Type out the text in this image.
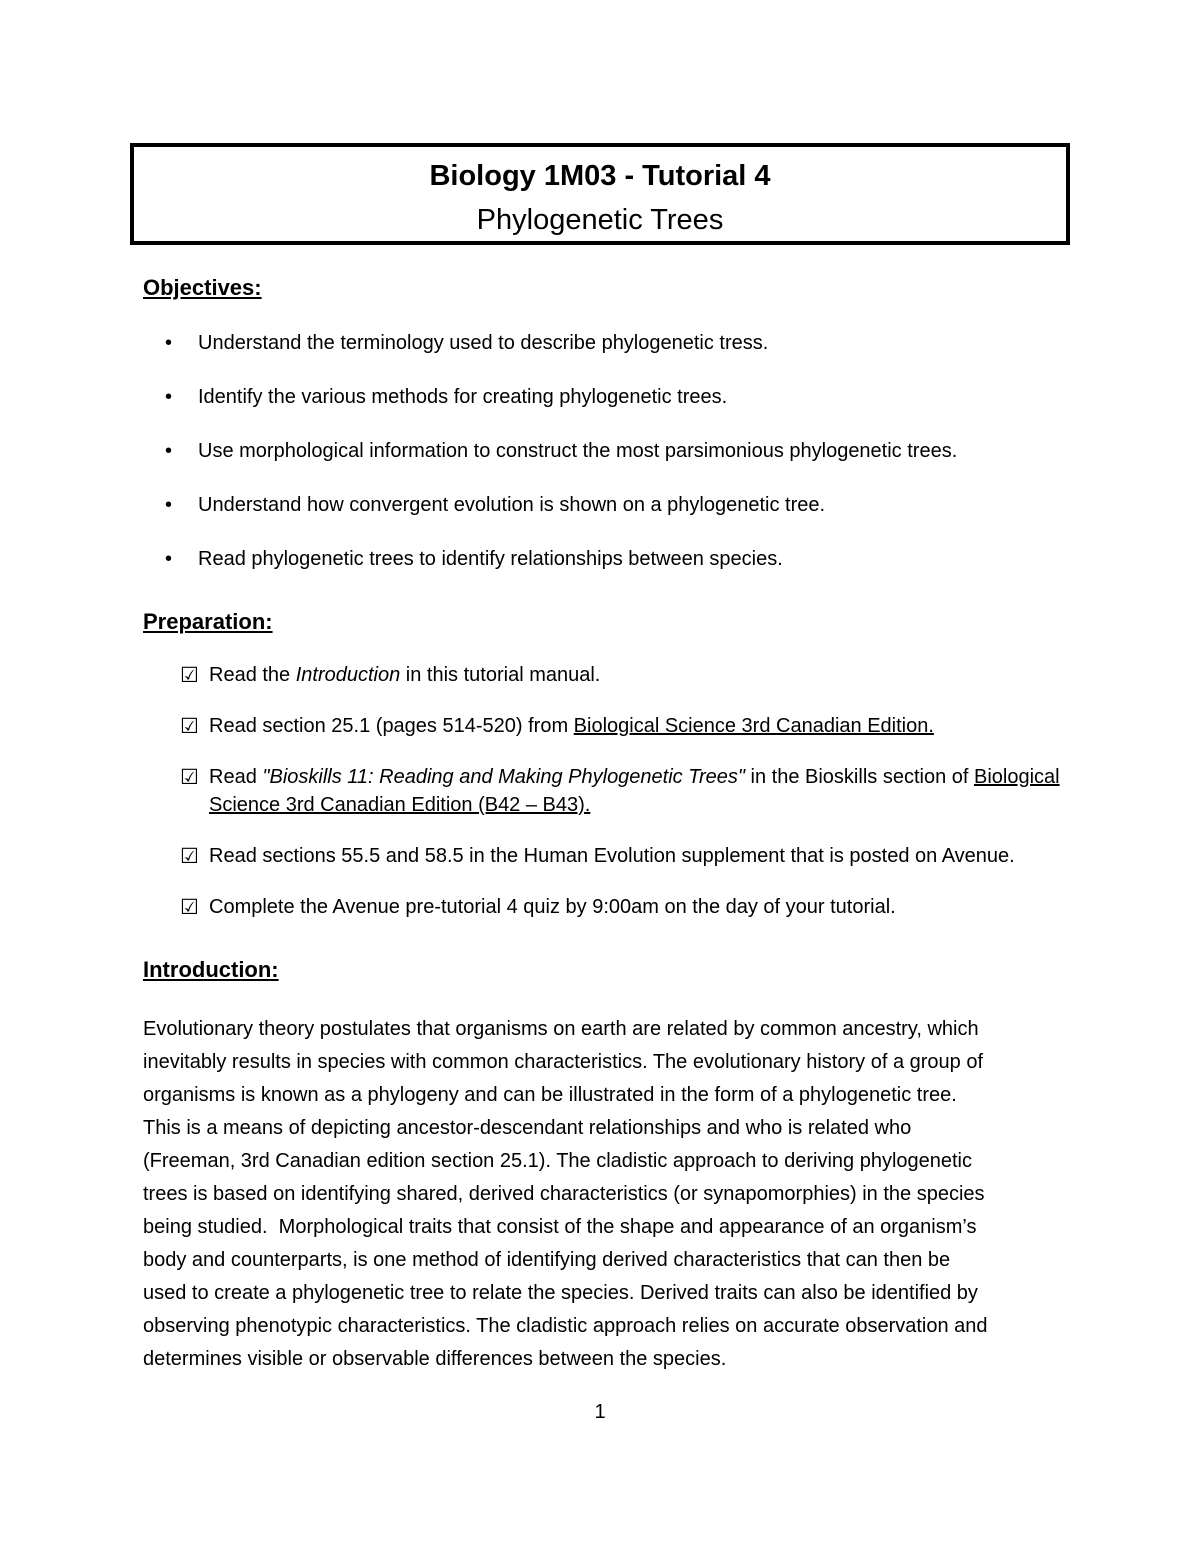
Biology 1M03 - Tutorial 4
Phylogenetic Trees
Objectives:
• Understand the terminology used to describe phylogenetic tress.
• Identify the various methods for creating phylogenetic trees.
• Use morphological information to construct the most parsimonious phylogenetic trees.
• Understand how convergent evolution is shown on a phylogenetic tree.
• Read phylogenetic trees to identify relationships between species.
Preparation:
☑ Read the Introduction in this tutorial manual.
☑ Read section 25.1 (pages 514-520) from Biological Science 3rd Canadian Edition.
☑ Read "Bioskills 11: Reading and Making Phylogenetic Trees" in the Bioskills section of Biological Science 3rd Canadian Edition (B42 – B43).
☑ Read sections 55.5 and 58.5 in the Human Evolution supplement that is posted on Avenue.
☑ Complete the Avenue pre-tutorial 4 quiz by 9:00am on the day of your tutorial.
Introduction:
Evolutionary theory postulates that organisms on earth are related by common ancestry, which
inevitably results in species with common characteristics. The evolutionary history of a group of
organisms is known as a phylogeny and can be illustrated in the form of a phylogenetic tree.
This is a means of depicting ancestor-descendant relationships and who is related who
(Freeman, 3rd Canadian edition section 25.1). The cladistic approach to deriving phylogenetic
trees is based on identifying shared, derived characteristics (or synapomorphies) in the species
being studied.  Morphological traits that consist of the shape and appearance of an organism’s
body and counterparts, is one method of identifying derived characteristics that can then be
used to create a phylogenetic tree to relate the species. Derived traits can also be identified by
observing phenotypic characteristics. The cladistic approach relies on accurate observation and
determines visible or observable differences between the species.
1
